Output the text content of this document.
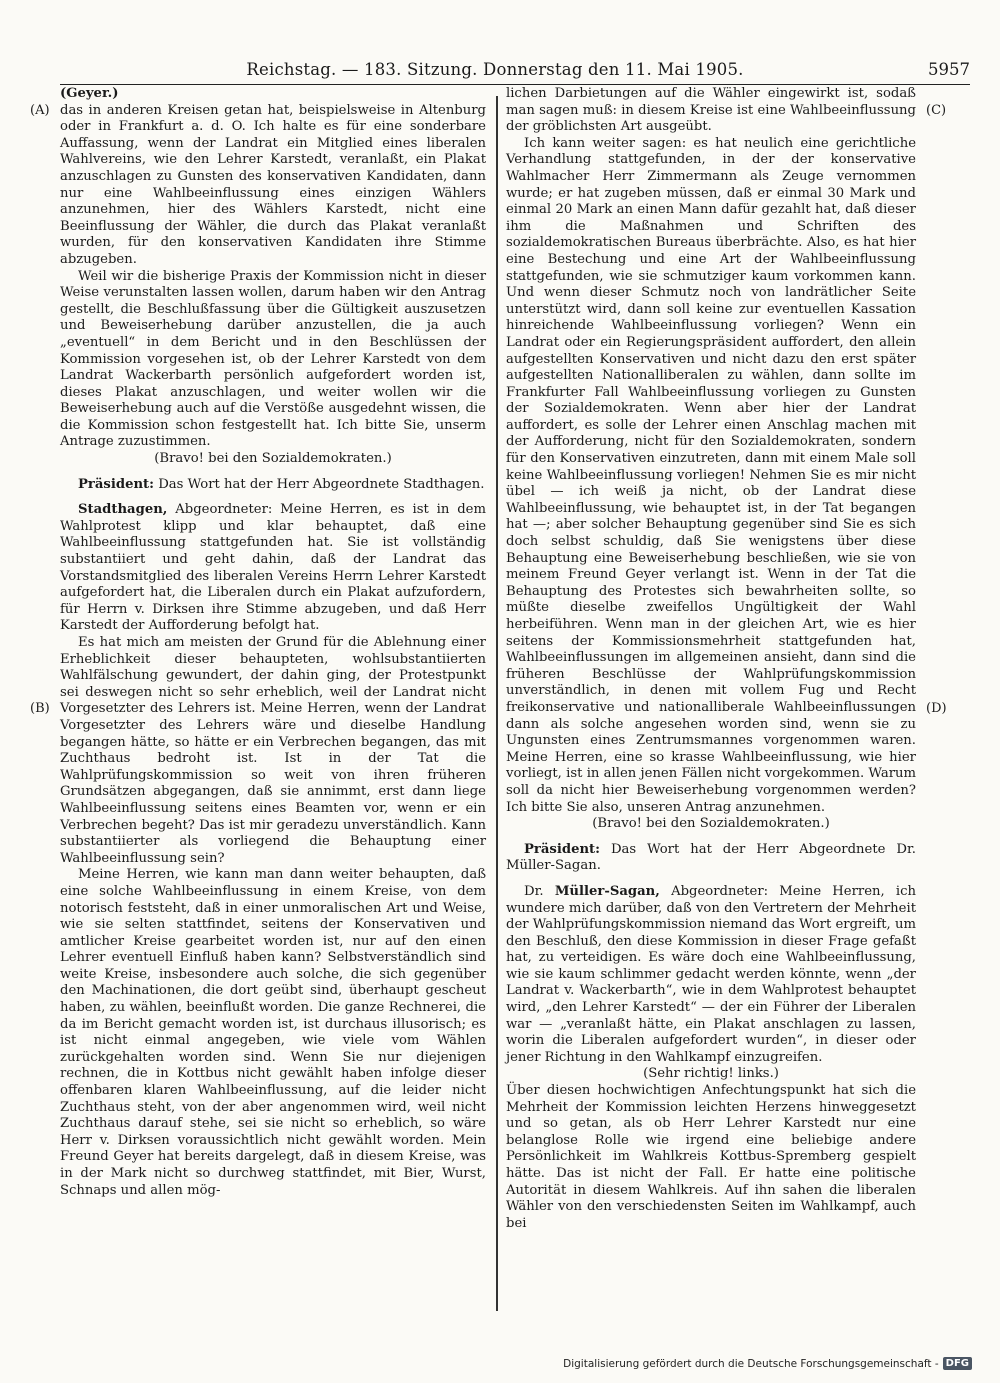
Reichstag. — 183. Sitzung. Donnerstag den 11. Mai 1905.	5957
(A)
(B)
(C)
(D)

(Geyer.)

das in anderen Kreisen getan hat, beispielsweise in Altenburg oder in Frankfurt a. d. O. Ich halte es für eine sonderbare Auffassung, wenn der Landrat ein Mitglied eines liberalen Wahlvereins, wie den Lehrer Karstedt, veranlaßt, ein Plakat anzuschlagen zu Gunsten des konservativen Kandidaten, dann nur eine Wahlbeeinflussung eines einzigen Wählers anzunehmen, hier des Wählers Karstedt, nicht eine Beeinflussung der Wähler, die durch das Plakat veranlaßt wurden, für den konservativen Kandidaten ihre Stimme abzugeben.

Weil wir die bisherige Praxis der Kommission nicht in dieser Weise verunstalten lassen wollen, darum haben wir den Antrag gestellt, die Beschlußfassung über die Gültigkeit auszusetzen und Beweiserhebung darüber anzustellen, die ja auch „eventuell“ in dem Bericht und in den Beschlüssen der Kommission vorgesehen ist, ob der Lehrer Karstedt von dem Landrat Wackerbarth persönlich aufgefordert worden ist, dieses Plakat anzuschlagen, und weiter wollen wir die Beweiserhebung auch auf die Verstöße ausgedehnt wissen, die die Kommission schon festgestellt hat. Ich bitte Sie, unserm Antrage zuzustimmen.

(Bravo! bei den Sozialdemokraten.)

Präsident: Das Wort hat der Herr Abgeordnete Stadthagen.

Stadthagen, Abgeordneter: Meine Herren, es ist in dem Wahlprotest klipp und klar behauptet, daß eine Wahlbeeinflussung stattgefunden hat. Sie ist vollständig substantiiert und geht dahin, daß der Landrat das Vorstandsmitglied des liberalen Vereins Herrn Lehrer Karstedt aufgefordert hat, die Liberalen durch ein Plakat aufzufordern, für Herrn v. Dirksen ihre Stimme abzugeben, und daß Herr Karstedt der Aufforderung befolgt hat.

Es hat mich am meisten der Grund für die Ablehnung einer Erheblichkeit dieser behaupteten, wohlsubstantiierten Wahlfälschung gewundert, der dahin ging, der Protestpunkt sei deswegen nicht so sehr erheblich, weil der Landrat nicht Vorgesetzter des Lehrers ist. Meine Herren, wenn der Landrat Vorgesetzter des Lehrers wäre und dieselbe Handlung begangen hätte, so hätte er ein Verbrechen begangen, das mit Zuchthaus bedroht ist. Ist in der Tat die Wahlprüfungskommission so weit von ihren früheren Grundsätzen abgegangen, daß sie annimmt, erst dann liege Wahlbeeinflussung seitens eines Beamten vor, wenn er ein Verbrechen begeht? Das ist mir geradezu unverständlich. Kann substantiierter als vorliegend die Behauptung einer Wahlbeeinflussung sein?

Meine Herren, wie kann man dann weiter behaupten, daß eine solche Wahlbeeinflussung in einem Kreise, von dem notorisch feststeht, daß in einer unmoralischen Art und Weise, wie sie selten stattfindet, seitens der Konservativen und amtlicher Kreise gearbeitet worden ist, nur auf den einen Lehrer eventuell Einfluß haben kann? Selbstverständlich sind weite Kreise, insbesondere auch solche, die sich gegenüber den Machinationen, die dort geübt sind, überhaupt gescheut haben, zu wählen, beeinflußt worden. Die ganze Rechnerei, die da im Bericht gemacht worden ist, ist durchaus illusorisch; es ist nicht einmal angegeben, wie viele vom Wählen zurückgehalten worden sind. Wenn Sie nur diejenigen rechnen, die in Kottbus nicht gewählt haben infolge dieser offenbaren klaren Wahlbeeinflussung, auf die leider nicht Zuchthaus steht, von der aber angenommen wird, weil nicht Zuchthaus darauf stehe, sei sie nicht so erheblich, so wäre Herr v. Dirksen voraussichtlich nicht gewählt worden. Mein Freund Geyer hat bereits dargelegt, daß in diesem Kreise, was in der Mark nicht so durchweg stattfindet, mit Bier, Wurst, Schnaps und allen mög-

lichen Darbietungen auf die Wähler eingewirkt ist, sodaß man sagen muß: in diesem Kreise ist eine Wahlbeeinflussung der gröblichsten Art ausgeübt.

Ich kann weiter sagen: es hat neulich eine gerichtliche Verhandlung stattgefunden, in der der konservative Wahlmacher Herr Zimmermann als Zeuge vernommen wurde; er hat zugeben müssen, daß er einmal 30 Mark und einmal 20 Mark an einen Mann dafür gezahlt hat, daß dieser ihm die Maßnahmen und Schriften des sozialdemokratischen Bureaus überbrächte. Also, es hat hier eine Bestechung und eine Art der Wahlbeeinflussung stattgefunden, wie sie schmutziger kaum vorkommen kann. Und wenn dieser Schmutz noch von landrätlicher Seite unterstützt wird, dann soll keine zur eventuellen Kassation hinreichende Wahlbeeinflussung vorliegen? Wenn ein Landrat oder ein Regierungspräsident auffordert, den allein aufgestellten Konservativen und nicht dazu den erst später aufgestellten Nationalliberalen zu wählen, dann sollte im Frankfurter Fall Wahlbeeinflussung vorliegen zu Gunsten der Sozialdemokraten. Wenn aber hier der Landrat auffordert, es solle der Lehrer einen Anschlag machen mit der Aufforderung, nicht für den Sozialdemokraten, sondern für den Konservativen einzutreten, dann mit einem Male soll keine Wahlbeeinflussung vorliegen! Nehmen Sie es mir nicht übel — ich weiß ja nicht, ob der Landrat diese Wahlbeeinflussung, wie behauptet ist, in der Tat begangen hat —; aber solcher Behauptung gegenüber sind Sie es sich doch selbst schuldig, daß Sie wenigstens über diese Behauptung eine Beweiserhebung beschließen, wie sie von meinem Freund Geyer verlangt ist. Wenn in der Tat die Behauptung des Protestes sich bewahrheiten sollte, so müßte dieselbe zweifellos Ungültigkeit der Wahl herbeiführen. Wenn man in der gleichen Art, wie es hier seitens der Kommissionsmehrheit stattgefunden hat, Wahlbeeinflussungen im allgemeinen ansieht, dann sind die früheren Beschlüsse der Wahlprüfungskommission unverständlich, in denen mit vollem Fug und Recht freikonservative und nationalliberale Wahlbeeinflussungen dann als solche angesehen worden sind, wenn sie zu Ungunsten eines Zentrumsmannes vorgenommen waren. Meine Herren, eine so krasse Wahlbeeinflussung, wie hier vorliegt, ist in allen jenen Fällen nicht vorgekommen. Warum soll da nicht hier Beweiserhebung vorgenommen werden? Ich bitte Sie also, unseren Antrag anzunehmen.

(Bravo! bei den Sozialdemokraten.)

Präsident: Das Wort hat der Herr Abgeordnete Dr. Müller-Sagan.

Dr. Müller-Sagan, Abgeordneter: Meine Herren, ich wundere mich darüber, daß von den Vertretern der Mehrheit der Wahlprüfungskommission niemand das Wort ergreift, um den Beschluß, den diese Kommission in dieser Frage gefaßt hat, zu verteidigen. Es wäre doch eine Wahlbeeinflussung, wie sie kaum schlimmer gedacht werden könnte, wenn „der Landrat v. Wackerbarth“, wie in dem Wahlprotest behauptet wird, „den Lehrer Karstedt“ — der ein Führer der Liberalen war — „veranlaßt hätte, ein Plakat anschlagen zu lassen, worin die Liberalen aufgefordert wurden“, in dieser oder jener Richtung in den Wahlkampf einzugreifen.

(Sehr richtig! links.)

Über diesen hochwichtigen Anfechtungspunkt hat sich die Mehrheit der Kommission leichten Herzens hinweggesetzt und so getan, als ob Herr Lehrer Karstedt nur eine belanglose Rolle wie irgend eine beliebige andere Persönlichkeit im Wahlkreis Kottbus-Spremberg gespielt hätte. Das ist nicht der Fall. Er hatte eine politische Autorität in diesem Wahlkreis. Auf ihn sahen die liberalen Wähler von den verschiedensten Seiten im Wahlkampf, auch bei

Digitalisierung gefördert durch die Deutsche Forschungsgemeinschaft - DFG
